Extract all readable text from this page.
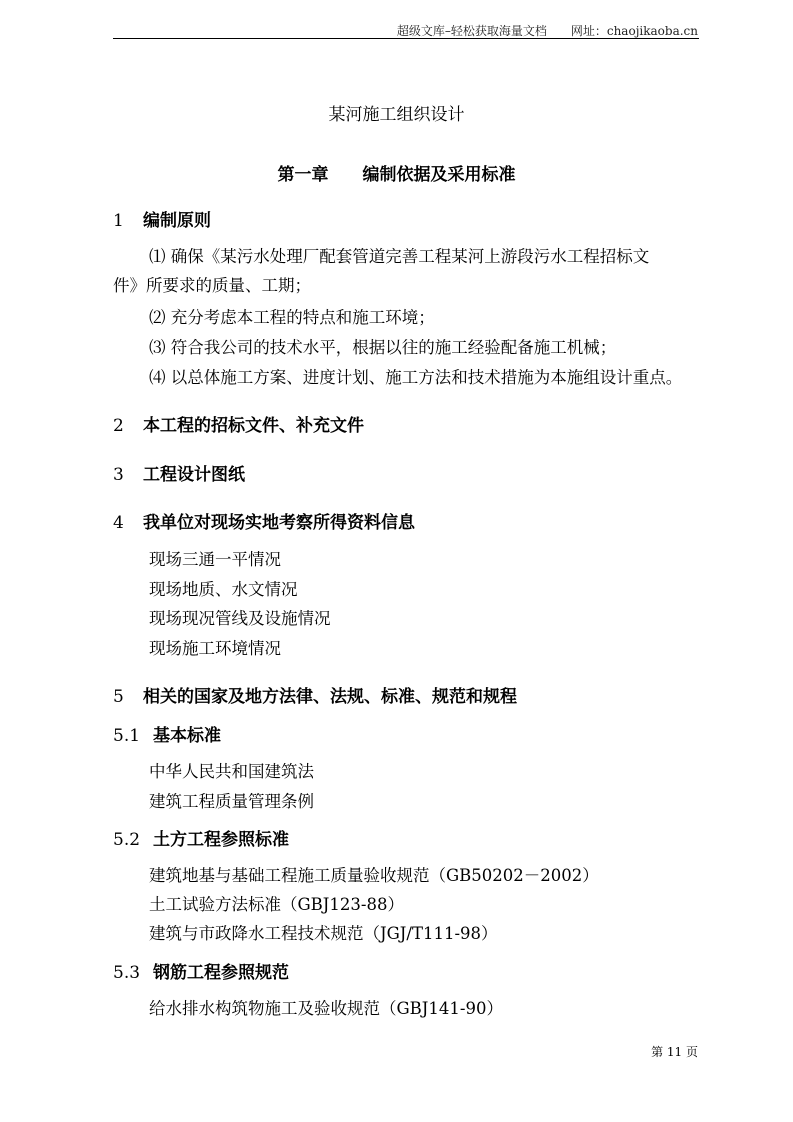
超级文库–轻松获取海量文档　　网址：chaojikaoba.cn
某河施工组织设计
第一章 编制依据及采用标准
1 编制原则
⑴ 确保《某污水处理厂配套管道完善工程某河上游段污水工程招标文
件》所要求的质量、工期；
⑵ 充分考虑本工程的特点和施工环境；
⑶ 符合我公司的技术水平，根据以往的施工经验配备施工机械；
⑷ 以总体施工方案、进度计划、施工方法和技术措施为本施组设计重点。
2 本工程的招标文件、补充文件
3 工程设计图纸
4 我单位对现场实地考察所得资料信息
现场三通一平情况
现场地质、水文情况
现场现况管线及设施情况
现场施工环境情况
5 相关的国家及地方法律、法规、标准、规范和规程
5.1 基本标准
中华人民共和国建筑法
建筑工程质量管理条例
5.2 土方工程参照标准
建筑地基与基础工程施工质量验收规范（GB50202－2002）
土工试验方法标准（GBJ123-88）
建筑与市政降水工程技术规范（JGJ/T111-98）
5.3 钢筋工程参照规范
给水排水构筑物施工及验收规范（GBJ141-90）
第 11 页
